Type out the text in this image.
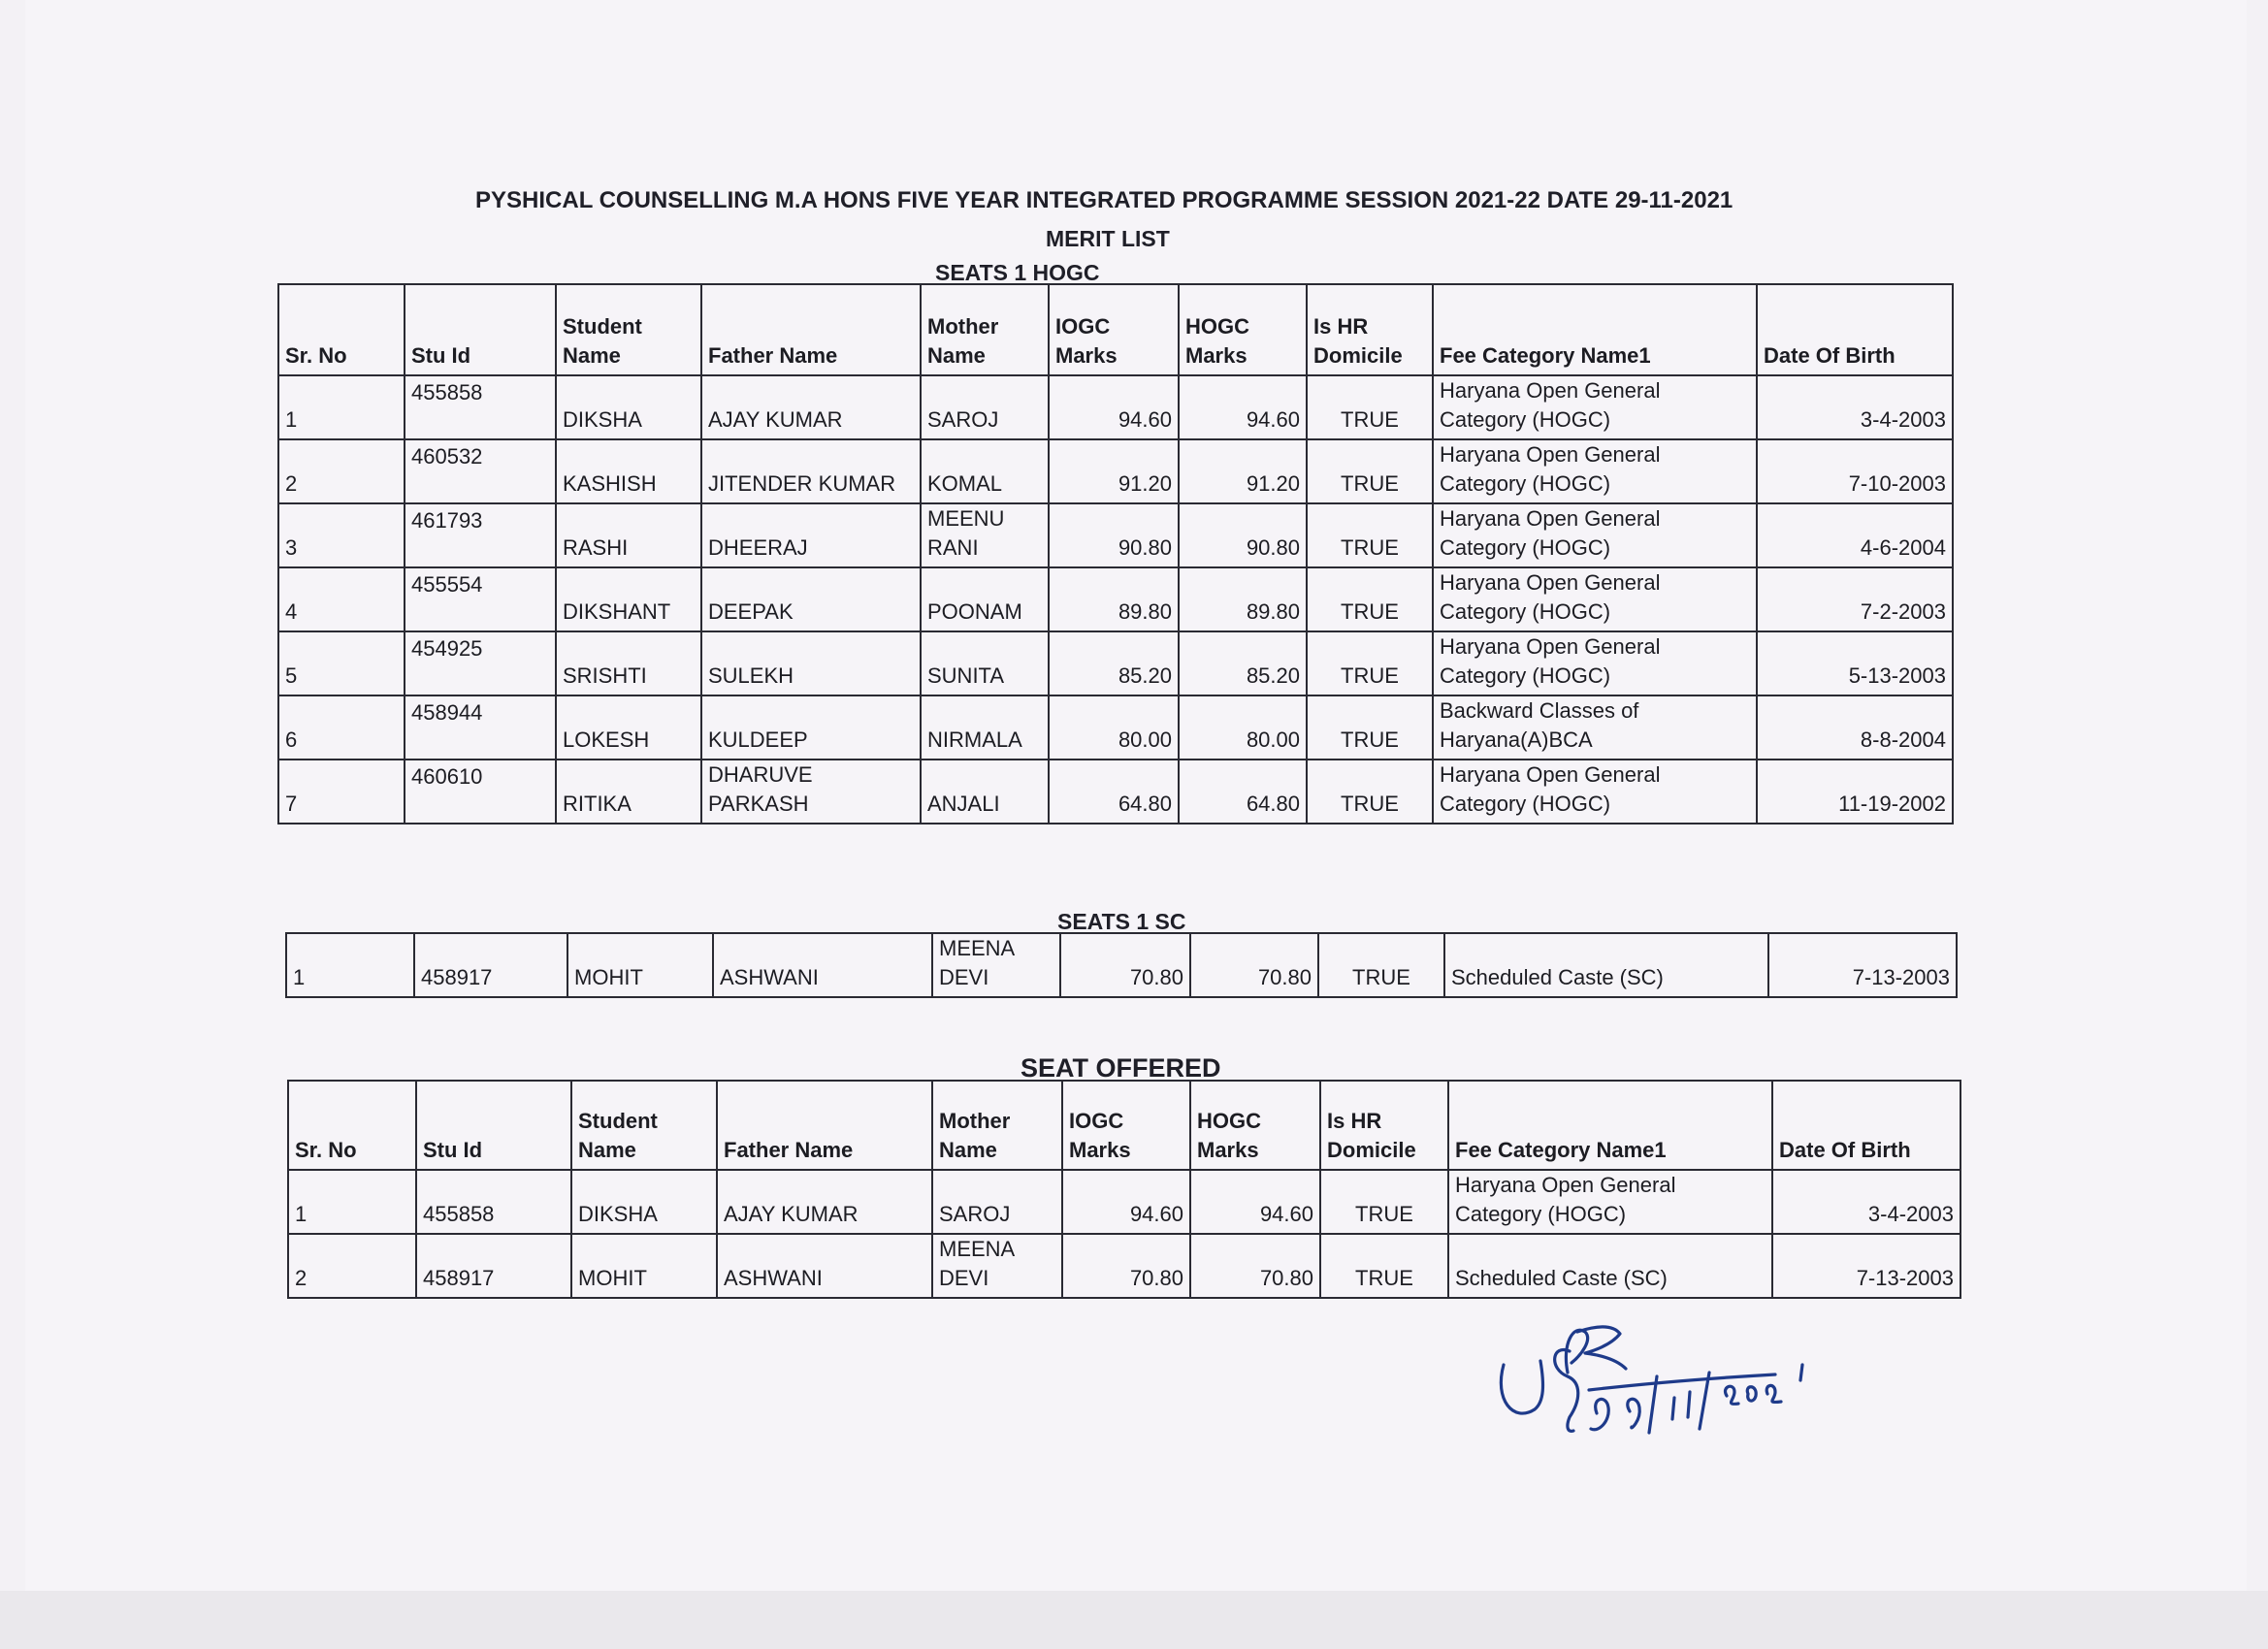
PYSHICAL COUNSELLING M.A HONS FIVE YEAR INTEGRATED PROGRAMME SESSION 2021-22 DATE 29-11-2021
MERIT LIST
SEATS 1 HOGC
Sr. No	Stu Id	Student Name	Father Name	Mother Name	IOGC Marks	HOGC Marks	Is HR Domicile	Fee Category Name1	Date Of Birth
1	455858	DIKSHA	AJAY KUMAR	SAROJ	94.60	94.60	TRUE	Haryana Open General Category (HOGC)	3-4-2003
2	460532	KASHISH	JITENDER KUMAR	KOMAL	91.20	91.20	TRUE	Haryana Open General Category (HOGC)	7-10-2003
3	461793	RASHI	DHEERAJ	MEENU RANI	90.80	90.80	TRUE	Haryana Open General Category (HOGC)	4-6-2004
4	455554	DIKSHANT	DEEPAK	POONAM	89.80	89.80	TRUE	Haryana Open General Category (HOGC)	7-2-2003
5	454925	SRISHTI	SULEKH	SUNITA	85.20	85.20	TRUE	Haryana Open General Category (HOGC)	5-13-2003
6	458944	LOKESH	KULDEEP	NIRMALA	80.00	80.00	TRUE	Backward Classes of Haryana(A)BCA	8-8-2004
7	460610	RITIKA	DHARUVE PARKASH	ANJALI	64.80	64.80	TRUE	Haryana Open General Category (HOGC)	11-19-2002
SEATS 1 SC
1	458917	MOHIT	ASHWANI	MEENA DEVI	70.80	70.80	TRUE	Scheduled Caste (SC)	7-13-2003
SEAT OFFERED
Sr. No	Stu Id	Student Name	Father Name	Mother Name	IOGC Marks	HOGC Marks	Is HR Domicile	Fee Category Name1	Date Of Birth
1	455858	DIKSHA	AJAY KUMAR	SAROJ	94.60	94.60	TRUE	Haryana Open General Category (HOGC)	3-4-2003
2	458917	MOHIT	ASHWANI	MEENA DEVI	70.80	70.80	TRUE	Scheduled Caste (SC)	7-13-2003
